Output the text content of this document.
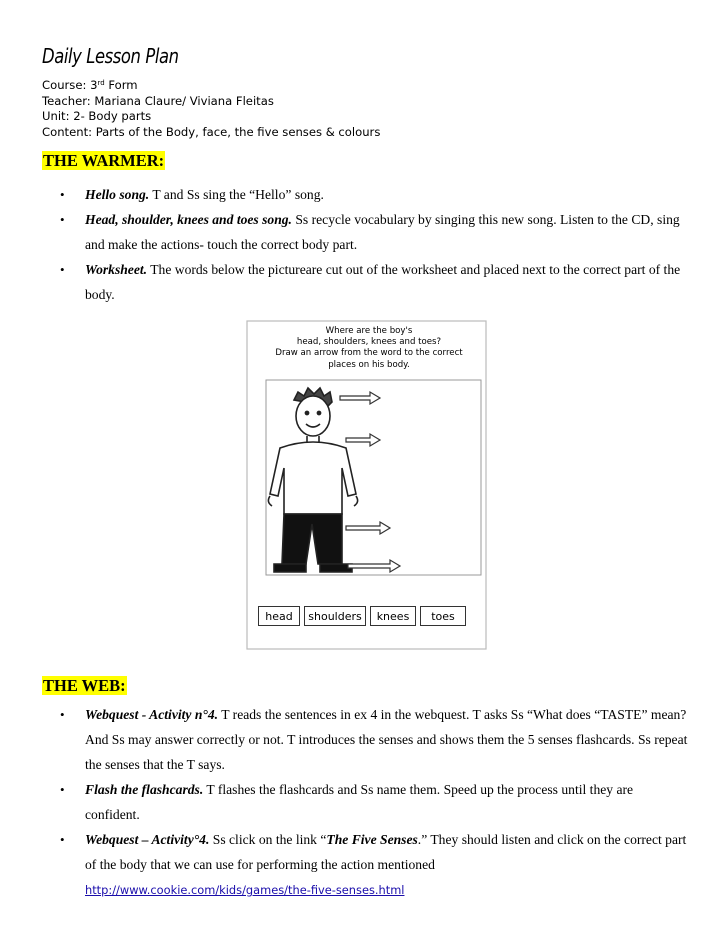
Daily Lesson Plan
Course: 3rd Form
Teacher: Mariana Claure/ Viviana Fleitas
Unit: 2- Body parts
Content: Parts of the Body, face, the five senses & colours
THE WARMER:
• Hello song. T and Ss sing the “Hello” song.
• Head, shoulder, knees and toes song. Ss recycle vocabulary by singing this new song. Listen to the CD, sing and make the actions- touch the correct body part.
• Worksheet. The words below the pictureare cut out of the worksheet and placed next to the correct part of the body.
Where are the boy's
head, shoulders, knees and toes?
Draw an arrow from the word to the correct
places on his body.
head	shoulders	knees	toes
THE WEB:
• Webquest - Activity n°4. T reads the sentences in ex 4 in the webquest. T asks Ss “What does “TASTE” mean? And Ss may answer correctly or not. T introduces the senses and shows them the 5 senses flashcards. Ss repeat the senses that the T says.
• Flash the flashcards. T flashes the flashcards and Ss name them. Speed up the process until they are confident.
• Webquest – Activity°4. Ss click on the link “The Five Senses.” They should listen and click on the correct part of the body that we can use for performing the action mentioned
http://www.cookie.com/kids/games/the-five-senses.html
